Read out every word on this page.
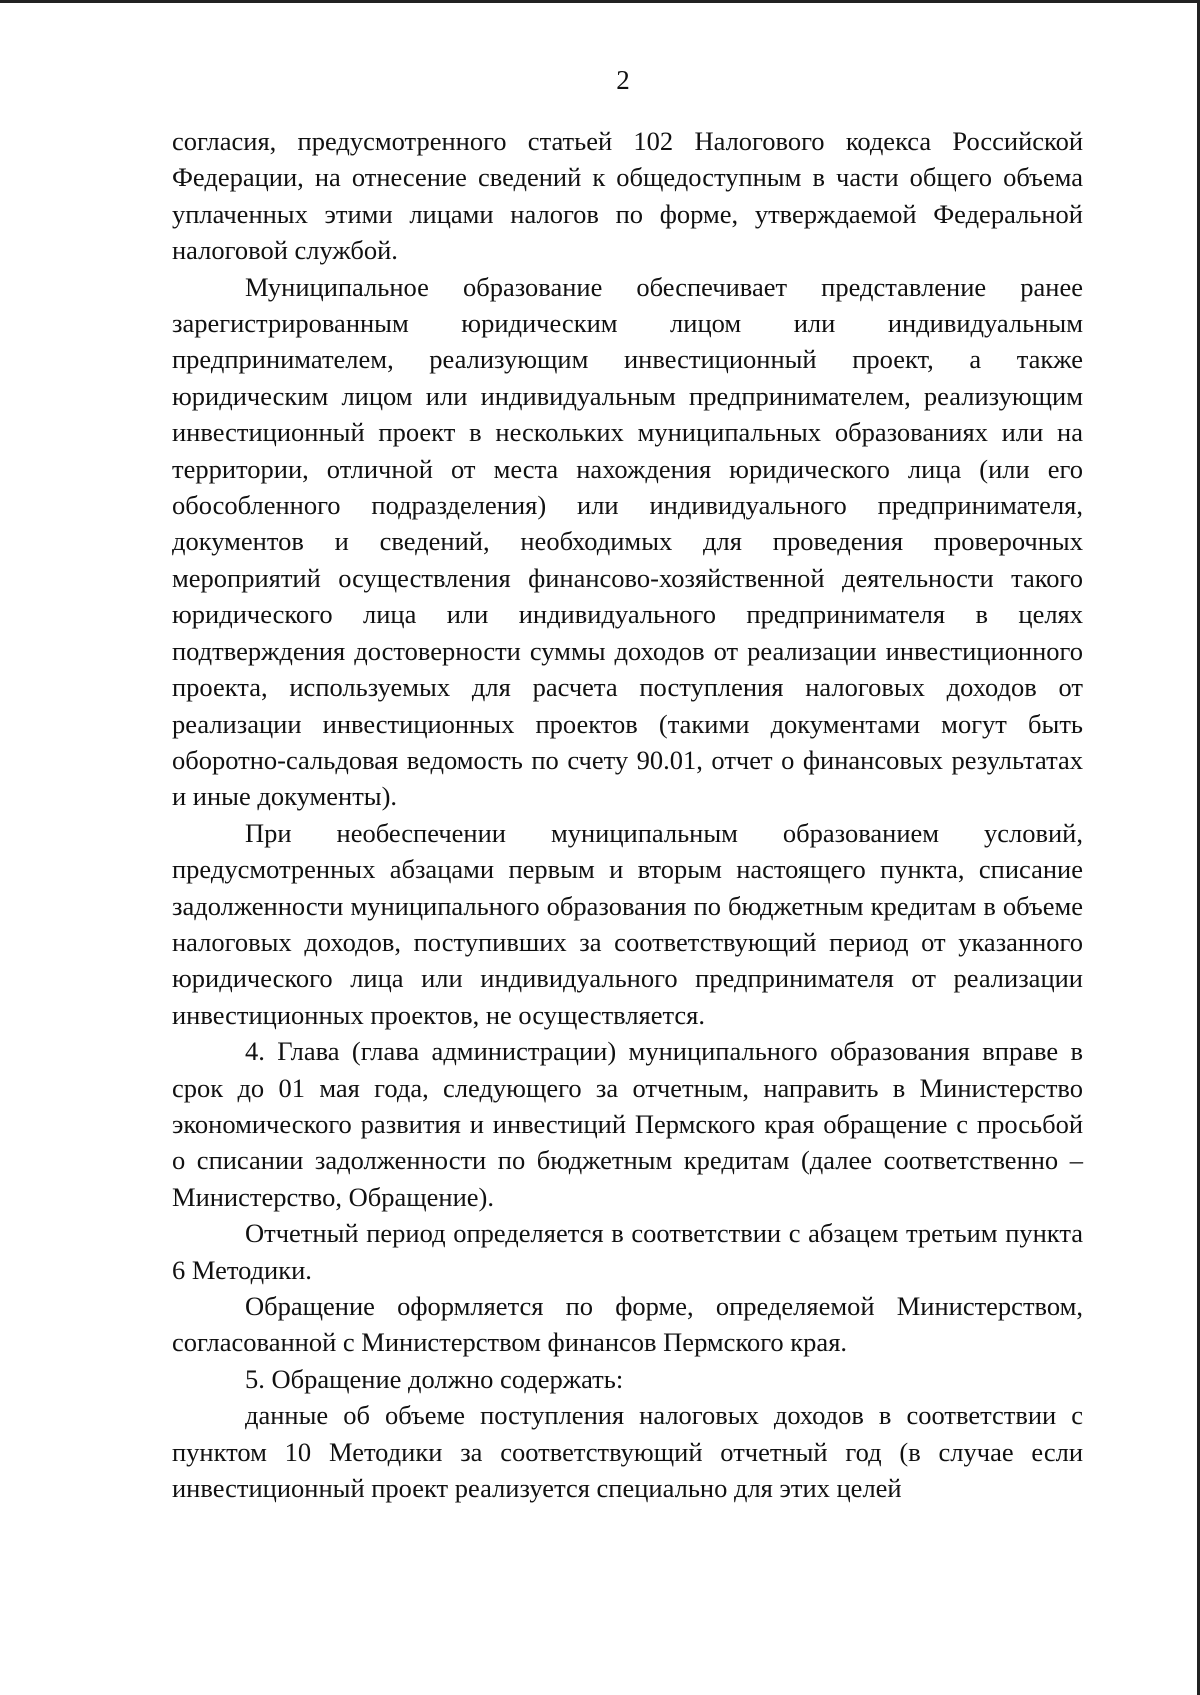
2

согласия, предусмотренного статьей 102 Налогового кодекса Российской Федерации, на отнесение сведений к общедоступным в части общего объема уплаченных этими лицами налогов по форме, утверждаемой Федеральной налоговой службой.

Муниципальное образование обеспечивает представление ранее зарегистрированным юридическим лицом или индивидуальным предпринимателем, реализующим инвестиционный проект, а также юридическим лицом или индивидуальным предпринимателем, реализующим инвестиционный проект в нескольких муниципальных образованиях или на территории, отличной от места нахождения юридического лица (или его обособленного подразделения) или индивидуального предпринимателя, документов и сведений, необходимых для проведения проверочных мероприятий осуществления финансово-хозяйственной деятельности такого юридического лица или индивидуального предпринимателя в целях подтверждения достоверности суммы доходов от реализации инвестиционного проекта, используемых для расчета поступления налоговых доходов от реализации инвестиционных проектов (такими документами могут быть оборотно-сальдовая ведомость по счету 90.01, отчет о финансовых результатах и иные документы).

При необеспечении муниципальным образованием условий, предусмотренных абзацами первым и вторым настоящего пункта, списание задолженности муниципального образования по бюджетным кредитам в объеме налоговых доходов, поступивших за соответствующий период от указанного юридического лица или индивидуального предпринимателя от реализации инвестиционных проектов, не осуществляется.

4. Глава (глава администрации) муниципального образования вправе в срок до 01 мая года, следующего за отчетным, направить в Министерство экономического развития и инвестиций Пермского края обращение с просьбой о списании задолженности по бюджетным кредитам (далее соответственно – Министерство, Обращение).

Отчетный период определяется в соответствии с абзацем третьим пункта 6 Методики.

Обращение оформляется по форме, определяемой Министерством, согласованной с Министерством финансов Пермского края.

5. Обращение должно содержать:

данные об объеме поступления налоговых доходов в соответствии с пунктом 10 Методики за соответствующий отчетный год (в случае если инвестиционный проект реализуется специально для этих целей
